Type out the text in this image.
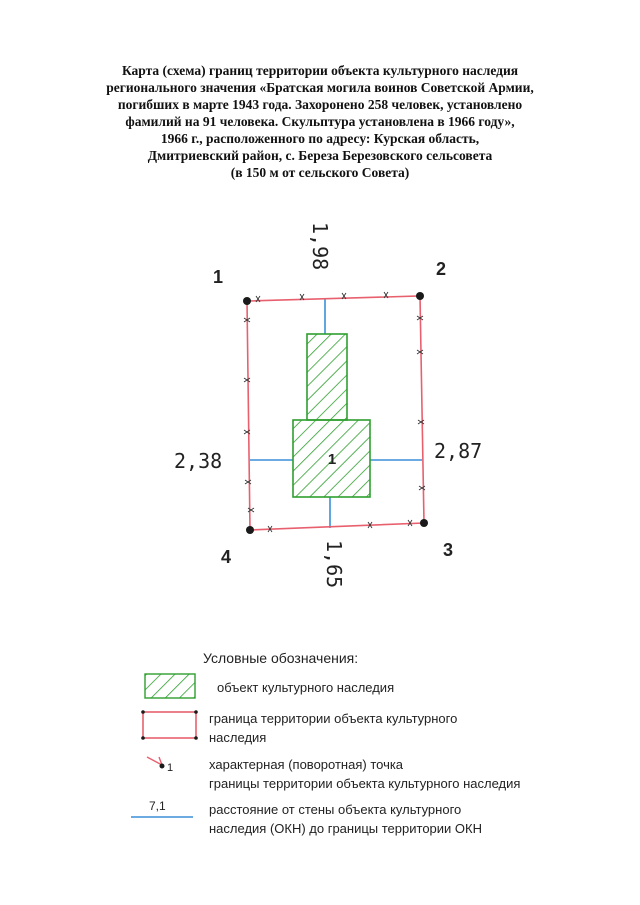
Карта (схема) границ территории объекта культурного наследия
регионального значения «Братская могила воинов Советской Армии,
погибших в марте 1943 года. Захоронено 258 человек, установлено
фамилий на 91 человека. Скульптура установлена в 1966 году»,
1966 г., расположенного по адресу: Курская область,
Дмитриевский район, с. Береза Березовского сельсовета
(в 150 м от сельского Совета)
1
1	2
3
4
1,98
2,38	2,87
1,65
1
7,1
Условные обозначения:
объект культурного наследия
граница территории объекта культурного
наследия
характерная (поворотная) точка
границы территории объекта культурного наследия
расстояние от стены объекта культурного
наследия (ОКН) до границы территории ОКН
